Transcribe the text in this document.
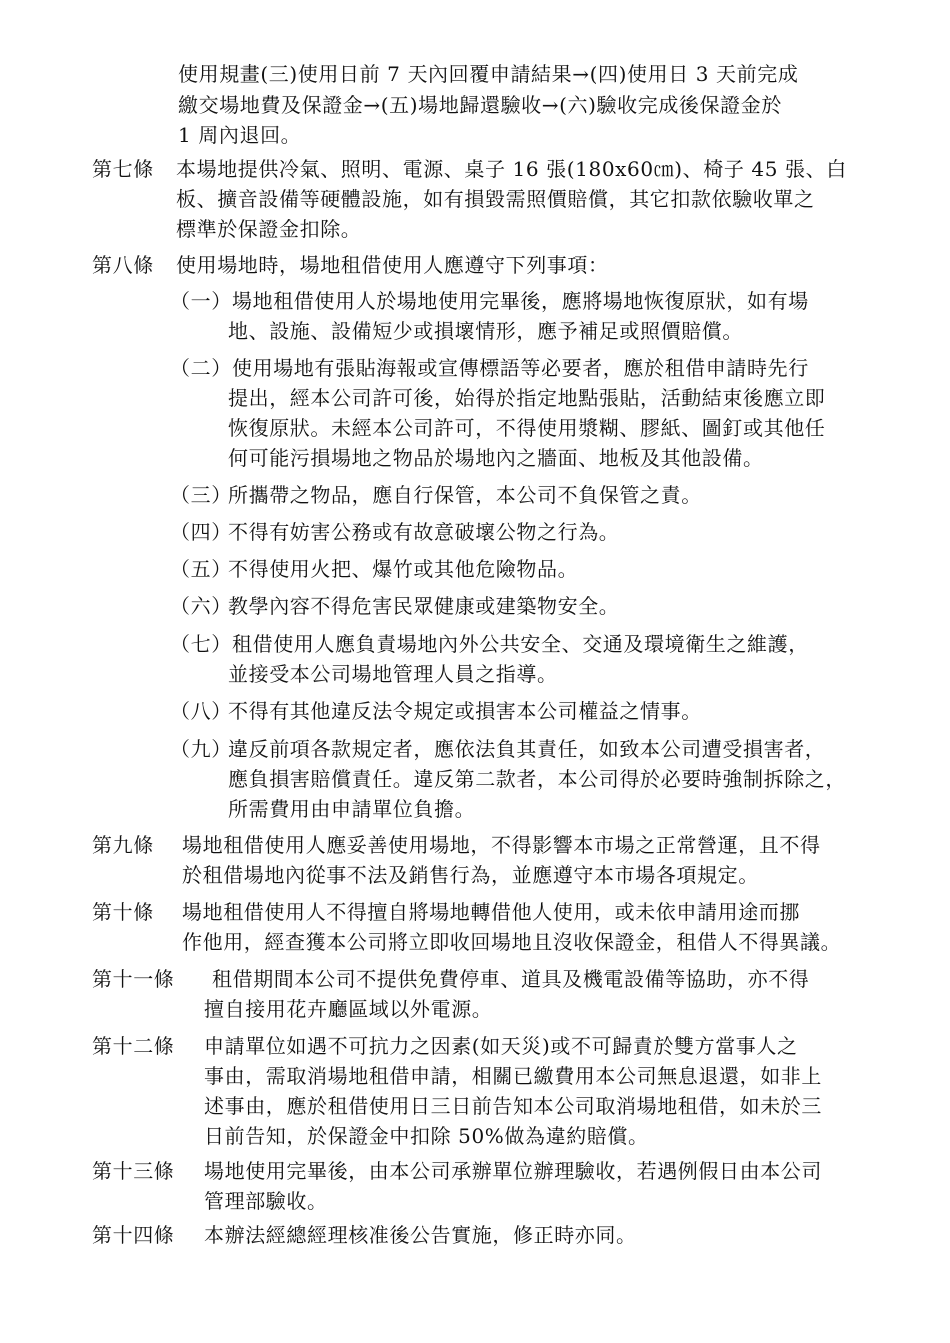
使用規畫(三)使用日前 7 天內回覆申請結果→(四)使用日 3 天前完成
繳交場地費及保證金→(五)場地歸還驗收→(六)驗收完成後保證金於
1 周內退回。
第七條 本場地提供冷氣、照明、電源、桌子 16 張(180x60㎝)、椅子 45 張、白
板、擴音設備等硬體設施，如有損毀需照價賠償，其它扣款依驗收單之
標準於保證金扣除。
第八條 使用場地時，場地租借使用人應遵守下列事項：
（一） 場地租借使用人於場地使用完畢後，應將場地恢復原狀，如有場
地、設施、設備短少或損壞情形，應予補足或照價賠償。
（二） 使用場地有張貼海報或宣傳標語等必要者，應於租借申請時先行
提出，經本公司許可後，始得於指定地點張貼，活動結束後應立即
恢復原狀。未經本公司許可，不得使用漿糊、膠紙、圖釘或其他任
何可能污損場地之物品於場地內之牆面、地板及其他設備。
（三）
所攜帶之物品，應自行保管，本公司不負保管之責。
（四）
不得有妨害公務或有故意破壞公物之行為。
（五）
不得使用火把、爆竹或其他危險物品。
（六）
教學內容不得危害民眾健康或建築物安全。
（七） 租借使用人應負責場地內外公共安全、交通及環境衛生之維護，
並接受本公司場地管理人員之指導。
（八）
不得有其他違反法令規定或損害本公司權益之情事。
（九）
違反前項各款規定者，應依法負其責任，如致本公司遭受損害者，
應負損害賠償責任。違反第二款者，本公司得於必要時強制拆除之，
所需費用由申請單位負擔。
第九條 場地租借使用人應妥善使用場地，不得影響本市場之正常營運，且不得
於租借場地內從事不法及銷售行為，並應遵守本市場各項規定。
第十條 場地租借使用人不得擅自將場地轉借他人使用，或未依申請用途而挪
作他用，經查獲本公司將立即收回場地且沒收保證金，租借人不得異議。
第十一條 租借期間本公司不提供免費停車、道具及機電設備等協助，亦不得
擅自接用花卉廳區域以外電源。
第十二條 申請單位如遇不可抗力之因素(如天災)或不可歸責於雙方當事人之
事由，需取消場地租借申請，相關已繳費用本公司無息退還，如非上
述事由，應於租借使用日三日前告知本公司取消場地租借，如未於三
日前告知，於保證金中扣除 50%做為違約賠償。
第十三條 場地使用完畢後，由本公司承辦單位辦理驗收，若遇例假日由本公司
管理部驗收。
第十四條 本辦法經總經理核准後公告實施，修正時亦同。
